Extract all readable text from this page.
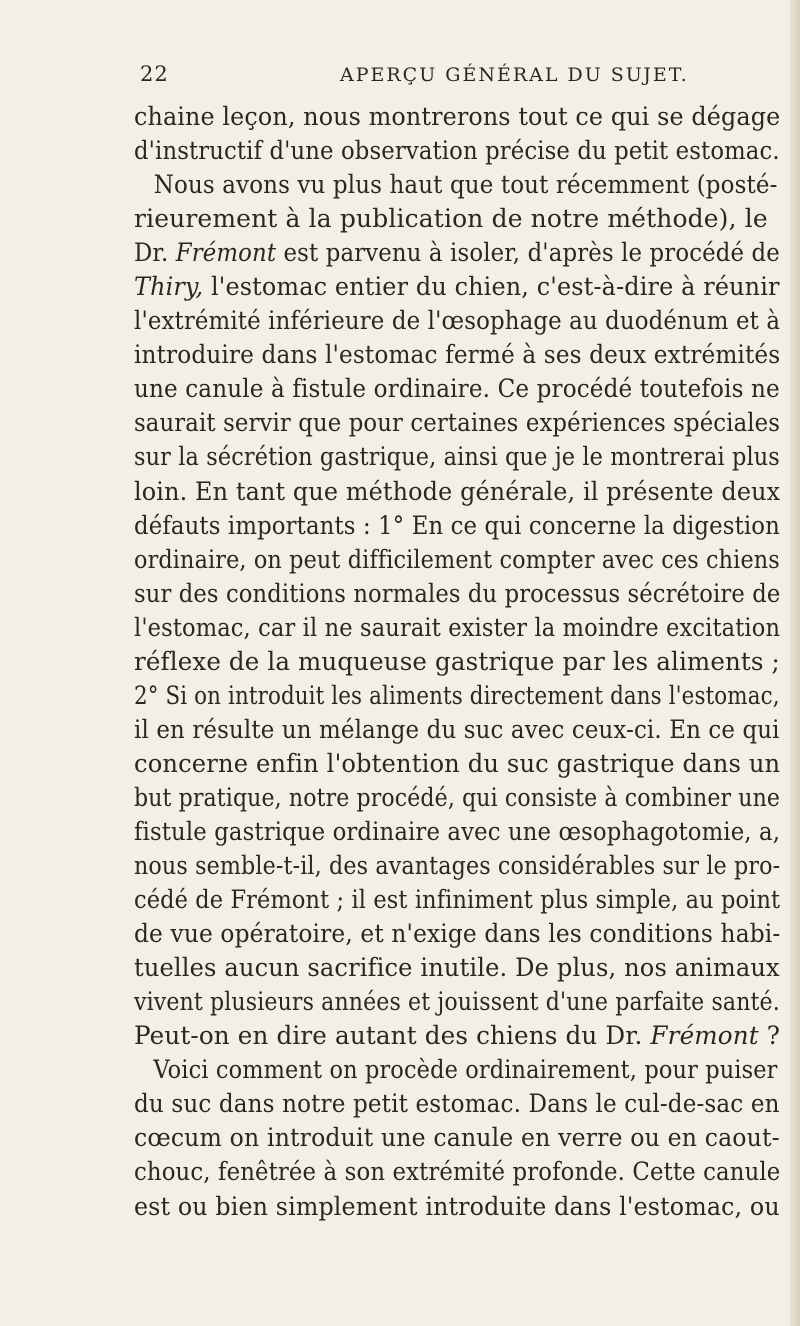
22	APERÇU GÉNÉRAL DU SUJET.
chaine leçon, nous montrerons tout ce qui se dégage
d'instructif d'une observation précise du petit estomac.
Nous avons vu plus haut que tout récemment (posté-
rieurement à la publication de notre méthode), le
Dr. Frémont est parvenu à isoler, d'après le procédé de
Thiry, l'estomac entier du chien, c'est-à-dire à réunir
l'extrémité inférieure de l'œsophage au duodénum et à
introduire dans l'estomac fermé à ses deux extrémités
une canule à fistule ordinaire. Ce procédé toutefois ne
saurait servir que pour certaines expériences spéciales
sur la sécrétion gastrique, ainsi que je le montrerai plus
loin. En tant que méthode générale, il présente deux
défauts importants : 1° En ce qui concerne la digestion
ordinaire, on peut difficilement compter avec ces chiens
sur des conditions normales du processus sécrétoire de
l'estomac, car il ne saurait exister la moindre excitation
réflexe de la muqueuse gastrique par les aliments ;
2° Si on introduit les aliments directement dans l'estomac,
il en résulte un mélange du suc avec ceux-ci. En ce qui
concerne enfin l'obtention du suc gastrique dans un
but pratique, notre procédé, qui consiste à combiner une
fistule gastrique ordinaire avec une œsophagotomie, a,
nous semble-t-il, des avantages considérables sur le pro-
cédé de Frémont ; il est infiniment plus simple, au point
de vue opératoire, et n'exige dans les conditions habi-
tuelles aucun sacrifice inutile. De plus, nos animaux
vivent plusieurs années et jouissent d'une parfaite santé.
Peut-on en dire autant des chiens du Dr. Frémont ?
Voici comment on procède ordinairement, pour puiser
du suc dans notre petit estomac. Dans le cul-de-sac en
cœcum on introduit une canule en verre ou en caout-
chouc, fenêtrée à son extrémité profonde. Cette canule
est ou bien simplement introduite dans l'estomac, ou
